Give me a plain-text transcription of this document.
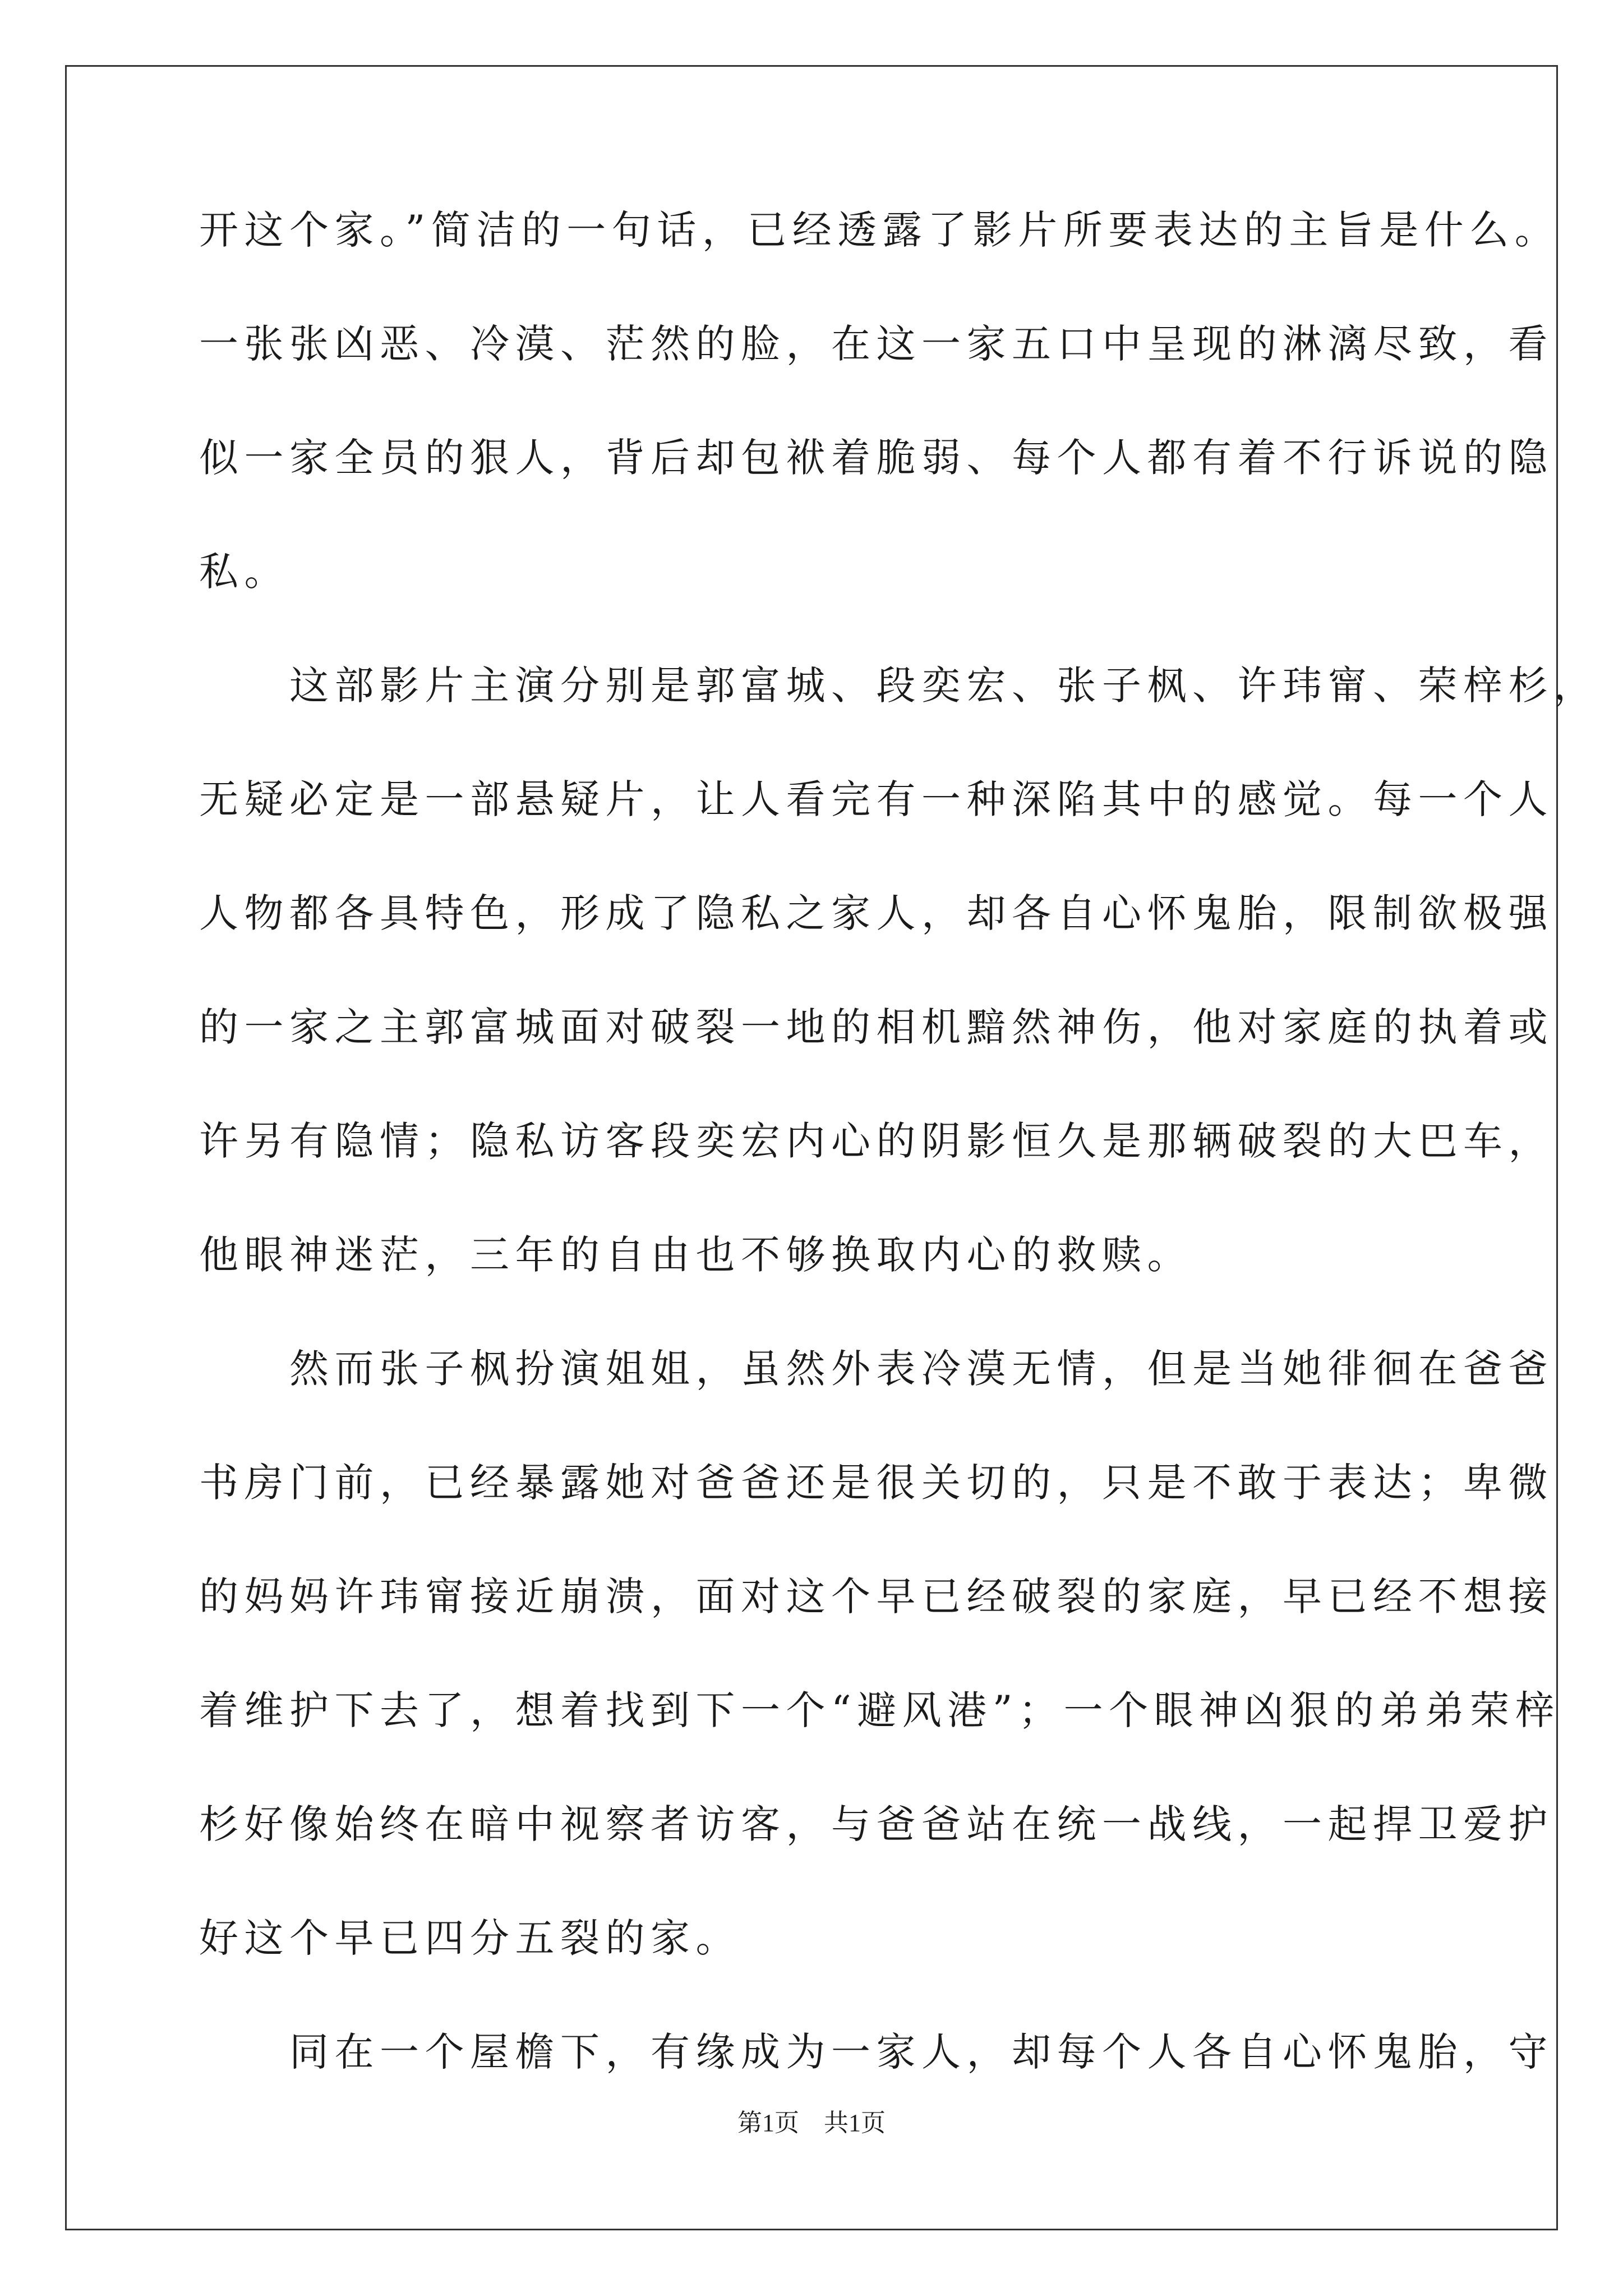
开这个家。”简洁的一句话，已经透露了影片所要表达的主旨是什么。
一张张凶恶、冷漠、茫然的脸，在这一家五口中呈现的淋漓尽致，看
似一家全员的狠人，背后却包袱着脆弱、每个人都有着不行诉说的隐
私。
　　这部影片主演分别是郭富城、段奕宏、张子枫、许玮甯、荣梓杉，
无疑必定是一部悬疑片，让人看完有一种深陷其中的感觉。每一个人
人物都各具特色，形成了隐私之家人，却各自心怀鬼胎，限制欲极强
的一家之主郭富城面对破裂一地的相机黯然神伤，他对家庭的执着或
许另有隐情；隐私访客段奕宏内心的阴影恒久是那辆破裂的大巴车，
他眼神迷茫，三年的自由也不够换取内心的救赎。
　　然而张子枫扮演姐姐，虽然外表冷漠无情，但是当她徘徊在爸爸
书房门前，已经暴露她对爸爸还是很关切的，只是不敢于表达；卑微
的妈妈许玮甯接近崩溃，面对这个早已经破裂的家庭，早已经不想接
着维护下去了，想着找到下一个“避风港”；一个眼神凶狠的弟弟荣梓
杉好像始终在暗中视察者访客，与爸爸站在统一战线，一起捍卫爱护
好这个早已四分五裂的家。
　　同在一个屋檐下，有缘成为一家人，却每个人各自心怀鬼胎，守
第1页　共1页
